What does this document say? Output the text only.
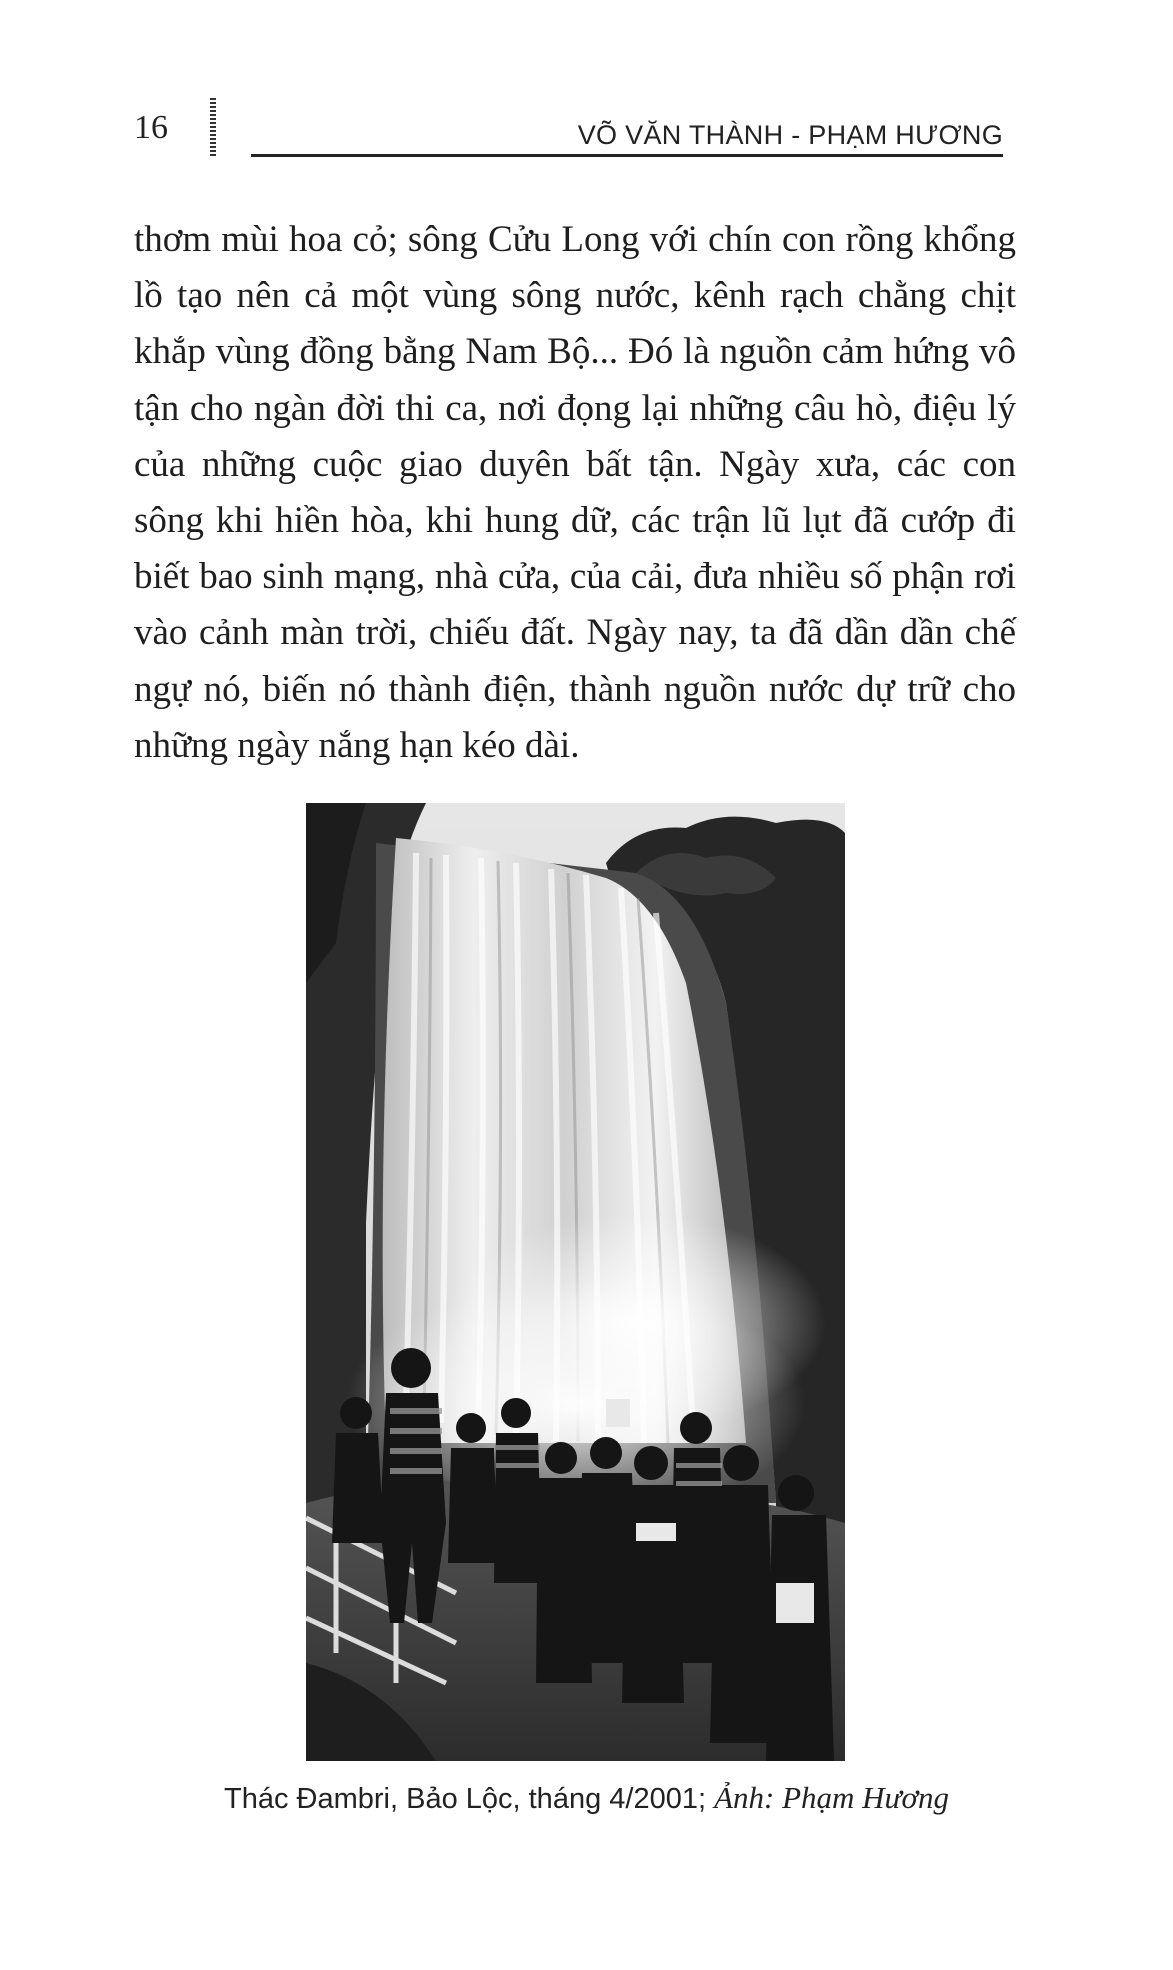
16	VÕ VĂN THÀNH - PHẠM HƯƠNG

thơm mùi hoa cỏ; sông Cửu Long với chín con rồng khổng lồ tạo nên cả một vùng sông nước, kênh rạch chằng chịt khắp vùng đồng bằng Nam Bộ... Đó là nguồn cảm hứng vô tận cho ngàn đời thi ca, nơi đọng lại những câu hò, điệu lý của những cuộc giao duyên bất tận. Ngày xưa, các con sông khi hiền hòa, khi hung dữ, các trận lũ lụt đã cướp đi biết bao sinh mạng, nhà cửa, của cải, đưa nhiều số phận rơi vào cảnh màn trời, chiếu đất. Ngày nay, ta đã dần dần chế ngự nó, biến nó thành điện, thành nguồn nước dự trữ cho những ngày nắng hạn kéo dài.

Thác Đambri, Bảo Lộc, tháng 4/2001; Ảnh: Phạm Hương
